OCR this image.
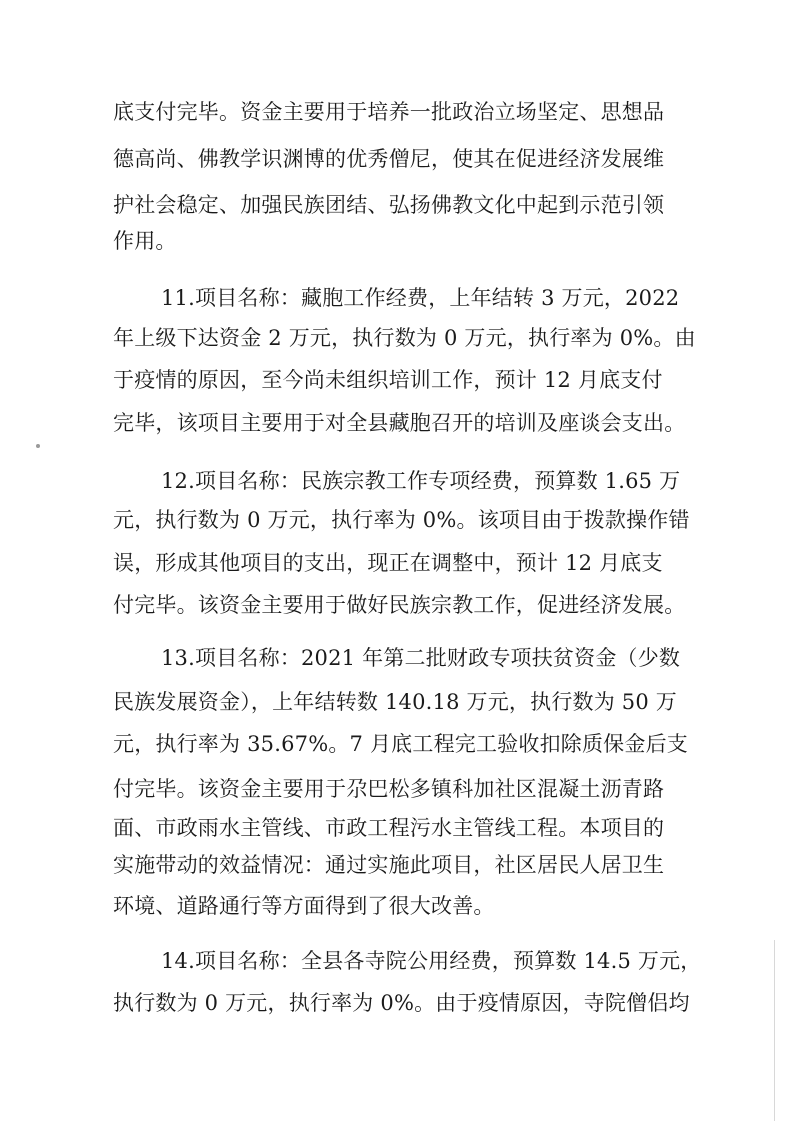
底支付完毕。资金主要用于培养一批政治立场坚定、思想品
德高尚、佛教学识渊博的优秀僧尼，使其在促进经济发展维
护社会稳定、加强民族团结、弘扬佛教文化中起到示范引领
作用。
11.项目名称：藏胞工作经费，上年结转 3 万元，2022
年上级下达资金 2 万元，执行数为 0 万元，执行率为 0%。由
于疫情的原因，至今尚未组织培训工作，预计 12 月底支付
完毕，该项目主要用于对全县藏胞召开的培训及座谈会支出。
12.项目名称：民族宗教工作专项经费，预算数 1.65 万
元，执行数为 0 万元，执行率为 0%。该项目由于拨款操作错
误，形成其他项目的支出，现正在调整中，预计 12 月底支
付完毕。该资金主要用于做好民族宗教工作，促进经济发展。
13.项目名称：2021 年第二批财政专项扶贫资金（少数
民族发展资金），上年结转数 140.18 万元，执行数为 50 万
元，执行率为 35.67%。7 月底工程完工验收扣除质保金后支
付完毕。该资金主要用于尕巴松多镇科加社区混凝土沥青路
面、市政雨水主管线、市政工程污水主管线工程。本项目的
实施带动的效益情况：通过实施此项目，社区居民人居卫生
环境、道路通行等方面得到了很大改善。
14.项目名称：全县各寺院公用经费，预算数 14.5 万元，
执行数为 0 万元，执行率为 0%。由于疫情原因，寺院僧侣均
